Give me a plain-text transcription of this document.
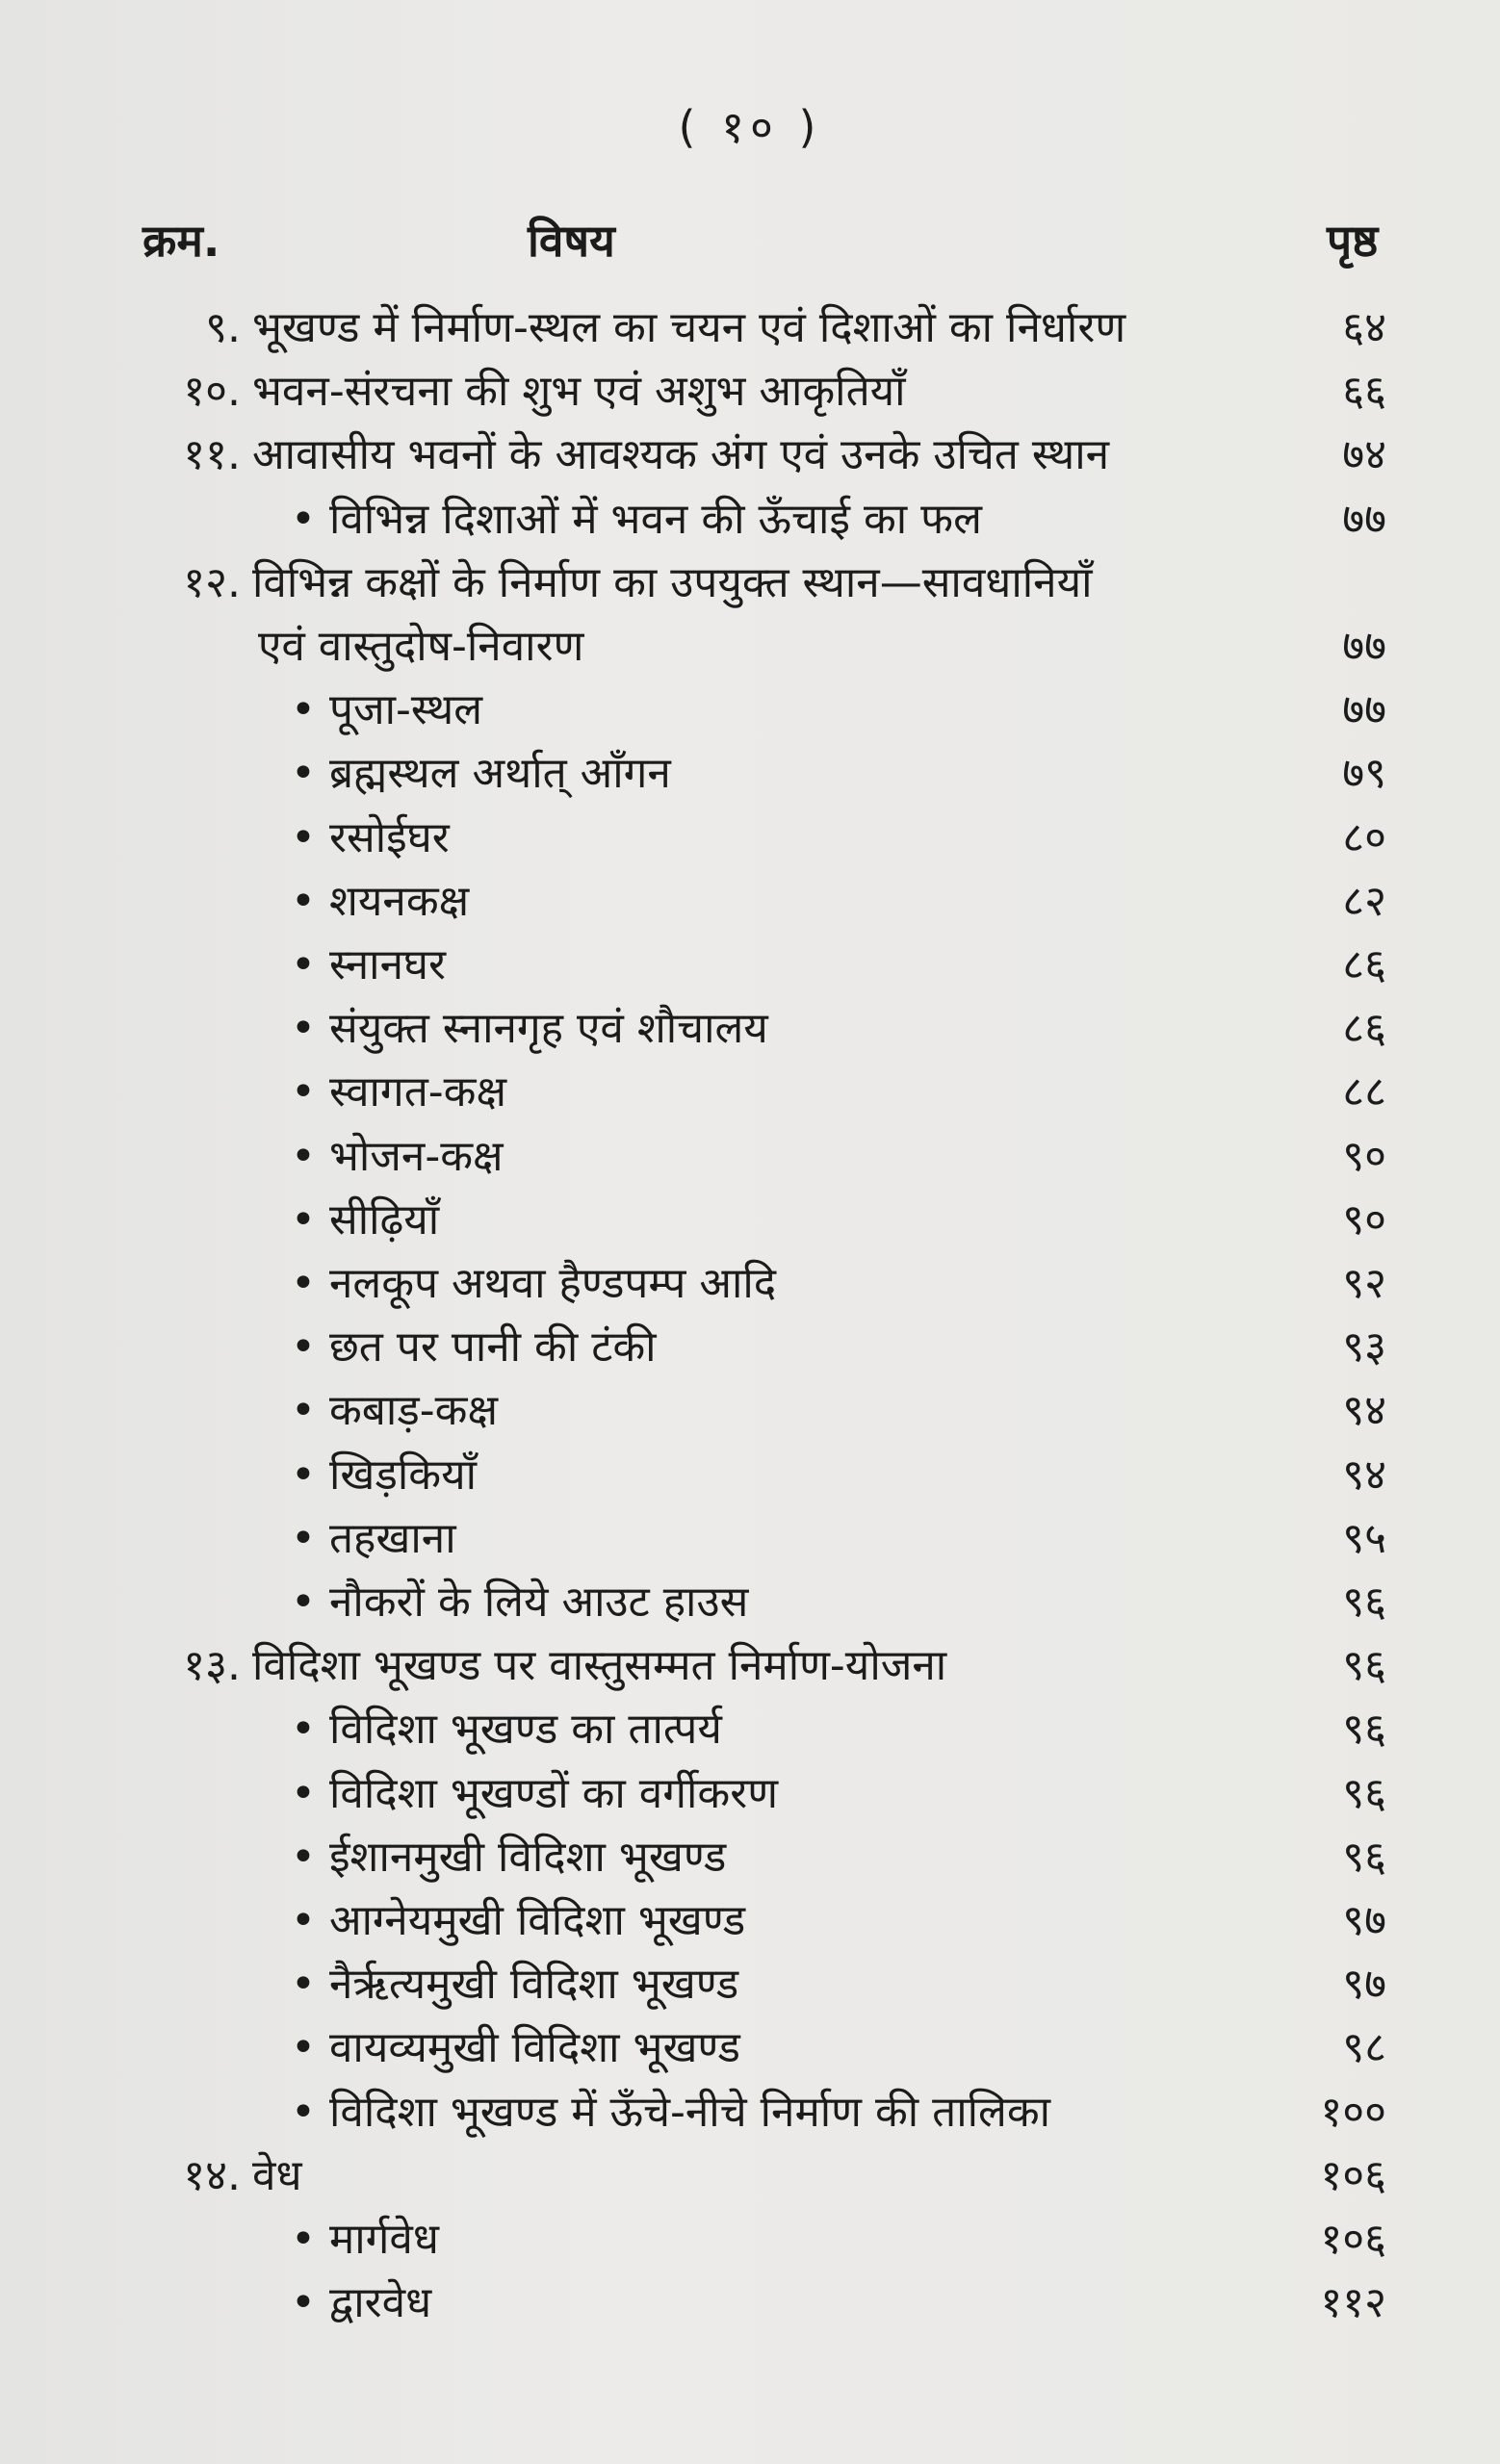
( १० )
क्रम.	विषय	पृष्ठ
९. भूखण्ड में निर्माण-स्थल का चयन एवं दिशाओं का निर्धारण	६४
१०. भवन-संरचना की शुभ एवं अशुभ आकृतियाँ	६६
११. आवासीय भवनों के आवश्यक अंग एवं उनके उचित स्थान	७४
• विभिन्न दिशाओं में भवन की ऊँचाई का फल	७७
१२. विभिन्न कक्षों के निर्माण का उपयुक्त स्थान—सावधानियाँ
एवं वास्तुदोष-निवारण	७७
• पूजा-स्थल	७७
• ब्रह्मस्थल अर्थात् आँगन	७९
• रसोईघर	८०
• शयनकक्ष	८२
• स्नानघर	८६
• संयुक्त स्नानगृह एवं शौचालय	८६
• स्वागत-कक्ष	८८
• भोजन-कक्ष	९०
• सीढ़ियाँ	९०
• नलकूप अथवा हैण्डपम्प आदि	९२
• छत पर पानी की टंकी	९३
• कबाड़-कक्ष	९४
• खिड़कियाँ	९४
• तहखाना	९५
• नौकरों के लिये आउट हाउस	९६
१३. विदिशा भूखण्ड पर वास्तुसम्मत निर्माण-योजना	९६
• विदिशा भूखण्ड का तात्पर्य	९६
• विदिशा भूखण्डों का वर्गीकरण	९६
• ईशानमुखी विदिशा भूखण्ड	९६
• आग्नेयमुखी विदिशा भूखण्ड	९७
• नैर्ऋत्यमुखी विदिशा भूखण्ड	९७
• वायव्यमुखी विदिशा भूखण्ड	९८
• विदिशा भूखण्ड में ऊँचे-नीचे निर्माण की तालिका	१००
१४. वेध	१०६
• मार्गवेध	१०६
• द्वारवेध	११२
